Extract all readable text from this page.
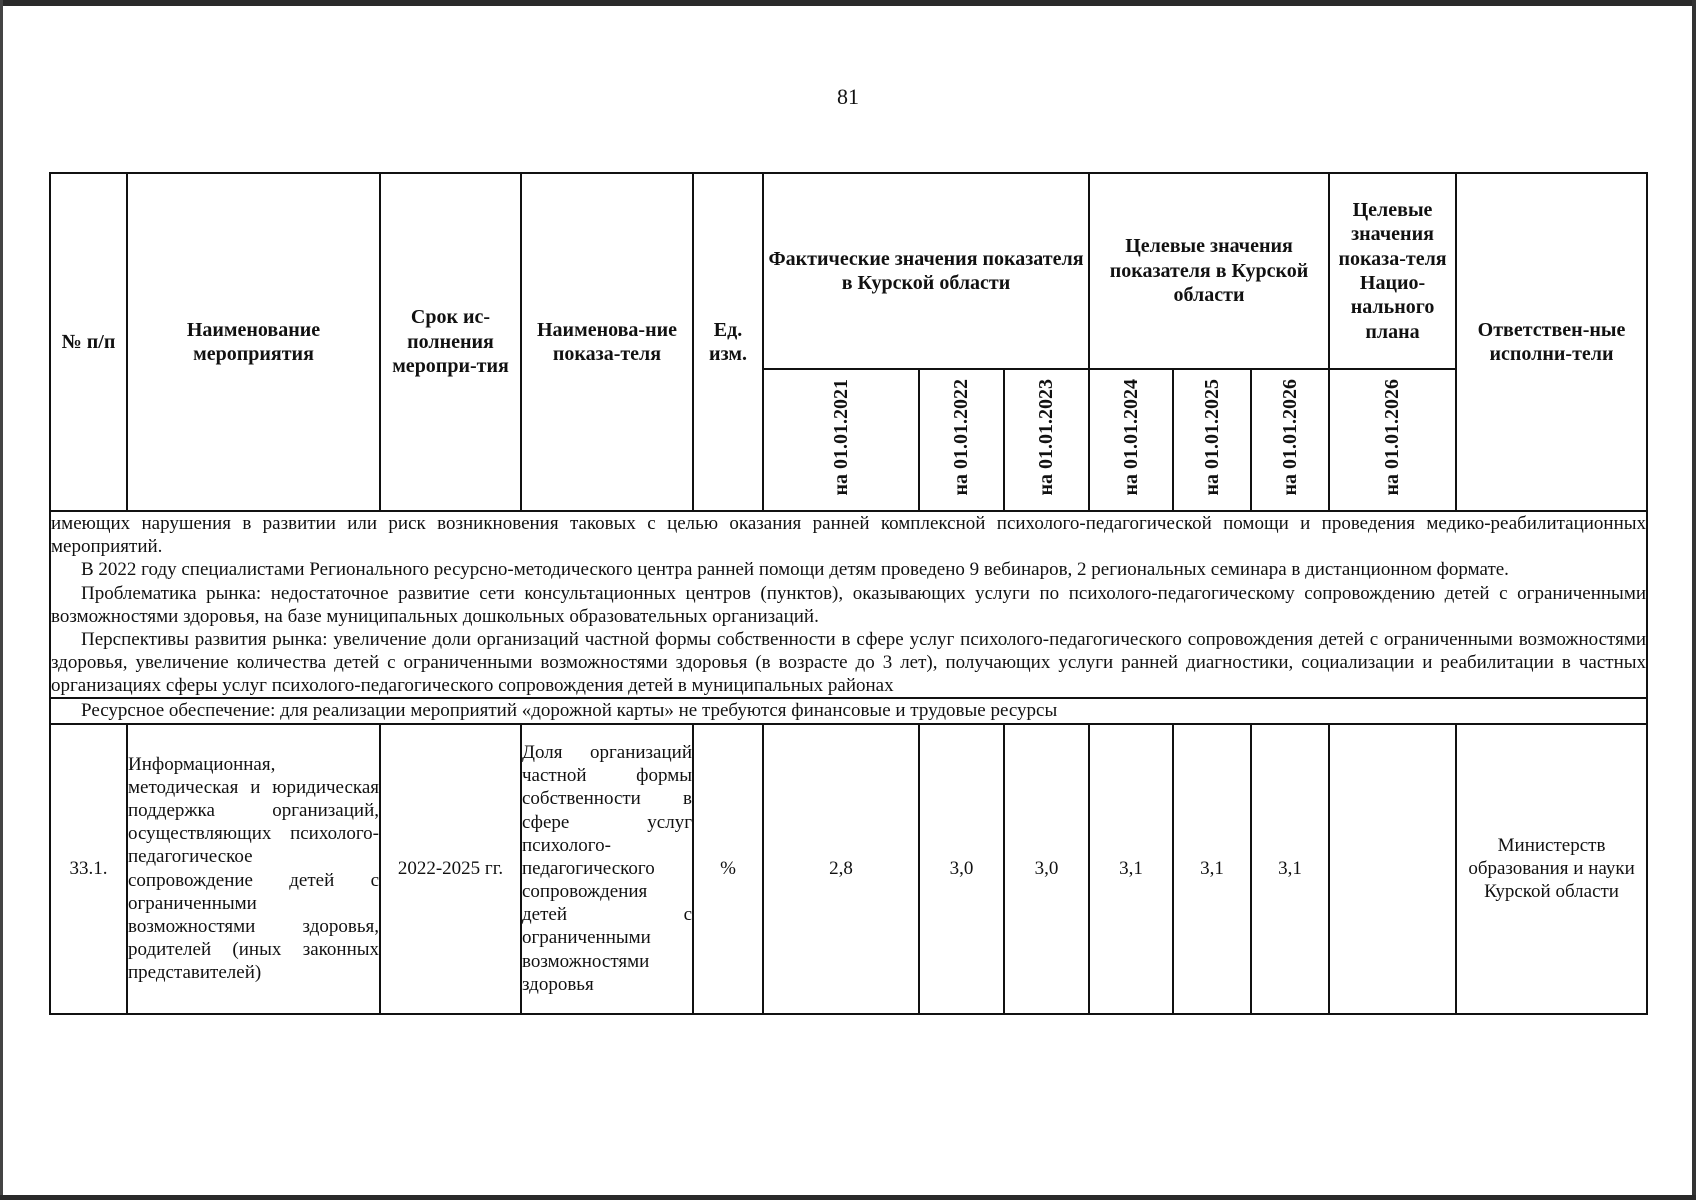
81
№ п/п	Наименование мероприятия	Срок ис-полнения меропри-тия	Наименова-ние показа-теля	Ед. изм.	Фактические значения показателя в Курской области			Целевые значения показателя в Курской области			Целевые значения показа-теля Нацио-нального плана	Ответствен-ные исполни-тели
					на 01.01.2021	на 01.01.2022	на 01.01.2023	на 01.01.2024	на 01.01.2025	на 01.01.2026	на 01.01.2026	

имеющих нарушения в развитии или риск возникновения таковых с целью оказания ранней комплексной психолого-педагогической помощи и проведения медико-реабилитационных мероприятий.

В 2022 году специалистами Регионального ресурсно-методического центра ранней помощи детям проведено 9 вебинаров, 2 региональных семинара в дистанционном формате.

Проблематика рынка: недостаточное развитие сети консультационных центров (пунктов), оказывающих услуги по психолого-педагогическому сопровождению детей с ограниченными возможностями здоровья, на базе муниципальных дошкольных образовательных организаций.

Перспективы развития рынка: увеличение доли организаций частной формы собственности в сфере услуг психолого-педагогического сопровождения детей с ограниченными возможностями здоровья, увеличение количества детей с ограниченными возможностями здоровья (в возрасте до 3 лет), получающих услуги ранней диагностики, социализации и реабилитации в частных организациях сферы услуг психолого-педагогического сопровождения детей в муниципальных районах												

Ресурсное обеспечение: для реализации мероприятий «дорожной карты» не требуются финансовые и трудовые ресурсы												
33.1.	Информационная, методическая и юридическая поддержка организаций, осуществляющих психолого-педагогическое сопровождение детей с ограниченными возможностями здоровья, родителей (иных законных представителей)	2022-2025 гг.	Доля организаций частной формы собственности в сфере услуг психолого-педагогического сопровождения детей с ограниченными возможностями здоровья	%	2,8	3,0	3,0	3,1	3,1	3,1		Министерств образования и науки Курской области
